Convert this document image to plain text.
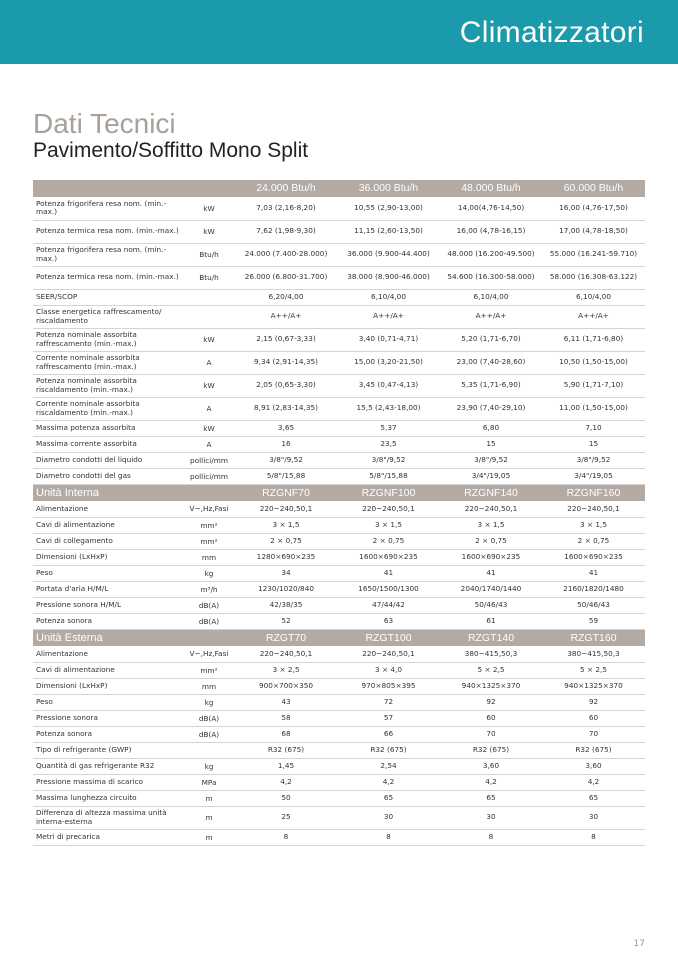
Climatizzatori
Dati Tecnici
Pavimento/Soffitto Mono Split
		24.000 Btu/h	36.000 Btu/h	48.000 Btu/h	60.000 Btu/h
Potenza frigorifera resa nom. (min.-max.)	kW	7,03 (2,16-8,20)	10,55 (2,90-13,00)	14,00(4,76-14,50)	16,00 (4,76-17,50)
Potenza termica resa nom. (min.-max.)	kW	7,62 (1,98-9,30)	11,15 (2,60-13,50)	16,00 (4,78-16,15)	17,00 (4,78-18,50)
Potenza frigorifera resa nom. (min.-max.)	Btu/h	24.000 (7.400-28.000)	36.000 (9.900-44.400)	48.000 (16.200-49.500)	55.000 (16.241-59.710)
Potenza termica resa nom. (min.-max.)	Btu/h	26.000 (6.800-31.700)	38.000 (8.900-46.000)	54.600 (16.300-58.000)	58.000 (16.308-63.122)
SEER/SCOP		6,20/4,00	6,10/4,00	6,10/4,00	6,10/4,00
Classe energetica raffrescamento/ riscaldamento		A++/A+	A++/A+	A++/A+	A++/A+
Potenza nominale assorbita raffrescamento (min.-max.)	kW	2,15 (0,67-3,33)	3,40 (0,71-4,71)	5,20 (1,71-6,70)	6,11 (1,71-6,80)
Corrente nominale assorbita raffrescamento (min.-max.)	A	9,34 (2,91-14,35)	15,00 (3,20-21,50)	23,00 (7,40-28,60)	10,50 (1,50-15,00)
Potenza nominale assorbita riscaldamento (min.-max.)	kW	2,05 (0,65-3,30)	3,45 (0,47-4,13)	5,35 (1,71-6,90)	5,90 (1,71-7,10)
Corrente nominale assorbita riscaldamento (min.-max.)	A	8,91 (2,83-14,35)	15,5 (2,43-18,00)	23,90 (7,40-29,10)	11,00 (1,50-15,00)
Massima potenza assorbita	kW	3,65	5,37	6,80	7,10
Massima corrente assorbita	A	16	23,5	15	15
Diametro condotti del liquido	pollici/mm	3/8"/9,52	3/8"/9,52	3/8"/9,52	3/8"/9,52
Diametro condotti del gas	pollici/mm	5/8"/15,88	5/8"/15,88	3/4"/19,05	3/4"/19,05
Unità Interna		RZGNF70	RZGNF100	RZGNF140	RZGNF160
Alimentazione	V~,Hz,Fasi	220~240,50,1	220~240,50,1	220~240,50,1	220~240,50,1
Cavi di alimentazione	mm²	3 × 1,5	3 × 1,5	3 × 1,5	3 × 1,5
Cavi di collegamento	mm²	2 × 0,75	2 × 0,75	2 × 0,75	2 × 0,75
Dimensioni (LxHxP)	mm	1280×690×235	1600×690×235	1600×690×235	1600×690×235
Peso	kg	34	41	41	41
Portata d'aria H/M/L	m³/h	1230/1020/840	1650/1500/1300	2040/1740/1440	2160/1820/1480
Pressione sonora H/M/L	dB(A)	42/38/35	47/44/42	50/46/43	50/46/43
Potenza sonora	dB(A)	52	63	61	59
Unità Esterna		RZGT70	RZGT100	RZGT140	RZGT160
Alimentazione	V~,Hz,Fasi	220~240,50,1	220~240,50,1	380~415,50,3	380~415,50,3
Cavi di alimentazione	mm²	3 × 2,5	3 × 4,0	5 × 2,5	5 × 2,5
Dimensioni (LxHxP)	mm	900×700×350	970×805×395	940×1325×370	940×1325×370
Peso	kg	43	72	92	92
Pressione sonora	dB(A)	58	57	60	60
Potenza sonora	dB(A)	68	66	70	70
Tipo di refrigerante (GWP)		R32 (675)	R32 (675)	R32 (675)	R32 (675)
Quantità di gas refrigerante R32	kg	1,45	2,54	3,60	3,60
Pressione massima di scarico	MPa	4,2	4,2	4,2	4,2
Massima lunghezza circuito	m	50	65	65	65
Differenza di altezza massima unità interna-esterna	m	25	30	30	30
Metri di precarica	m	8	8	8	8
17
